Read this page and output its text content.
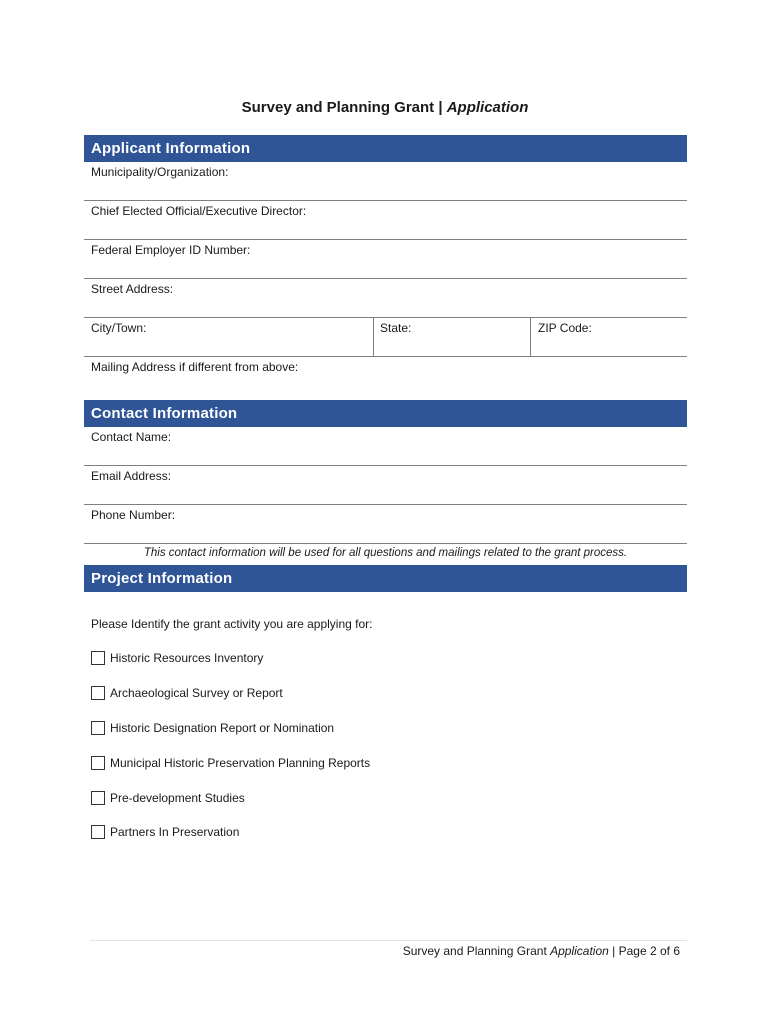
Survey and Planning Grant | Application
Applicant Information
Municipality/Organization:
Chief Elected Official/Executive Director:
Federal Employer ID Number:
Street Address:
City/Town:	State:	ZIP Code:
Mailing Address if different from above:
Contact Information
Contact Name:
Email Address:
Phone Number:
This contact information will be used for all questions and mailings related to the grant process.
Project Information
Please Identify the grant activity you are applying for:
Historic Resources Inventory
Archaeological Survey or Report
Historic Designation Report or Nomination
Municipal Historic Preservation Planning Reports
Pre-development Studies
Partners In Preservation
Survey and Planning Grant Application | Page 2 of 6
